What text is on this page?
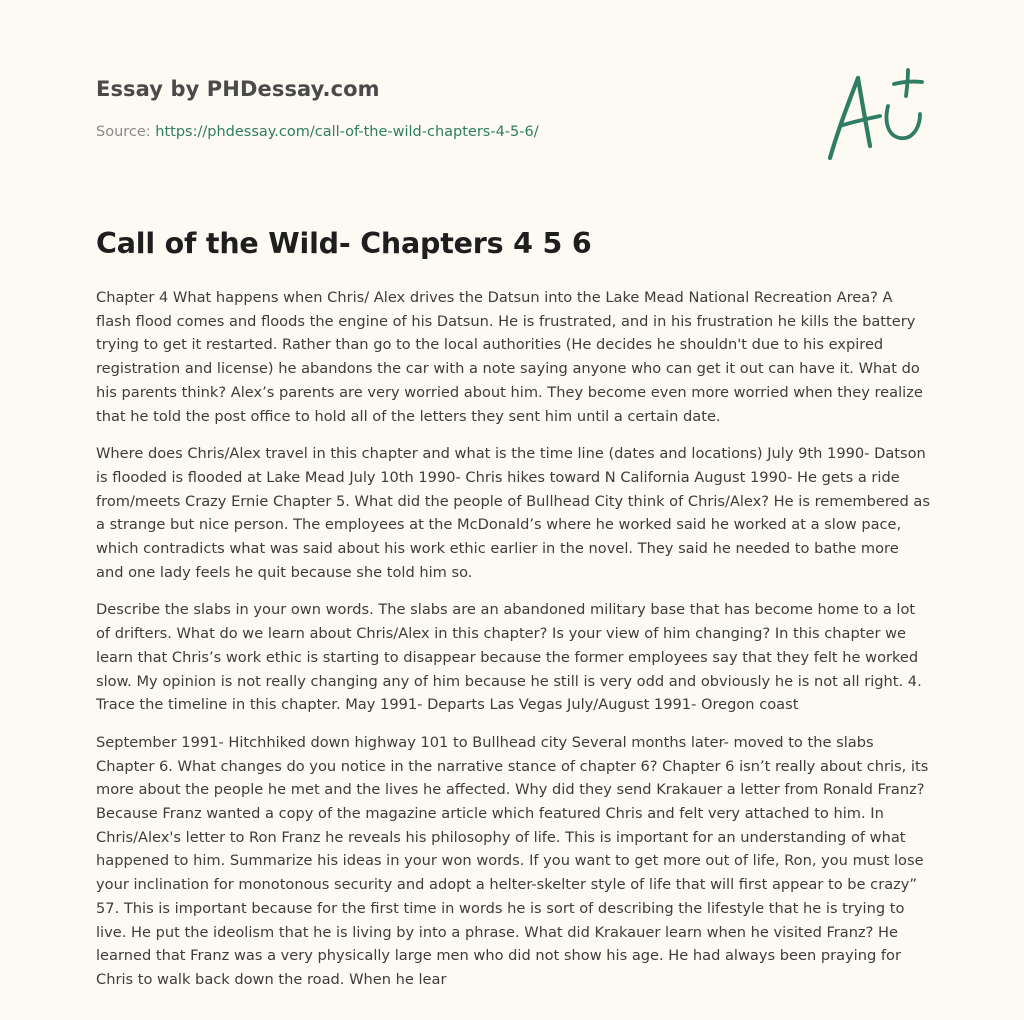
Essay by PHDessay.com
Source: https://phdessay.com/call-of-the-wild-chapters-4-5-6/
Call of the Wild- Chapters 4 5 6

Chapter 4 What happens when Chris/ Alex drives the Datsun into the Lake Mead National Recreation Area? A flash flood comes and floods the engine of his Datsun. He is frustrated, and in his frustration he kills the battery trying to get it restarted. Rather than go to the local authorities (He decides he shouldn't due to his expired registration and license) he abandons the car with a note saying anyone who can get it out can have it. What do his parents think? Alex’s parents are very worried about him. They become even more worried when they realize that he told the post office to hold all of the letters they sent him until a certain date.

Where does Chris/Alex travel in this chapter and what is the time line (dates and locations) July 9th 1990- Datson is flooded is flooded at Lake Mead July 10th 1990- Chris hikes toward N California August 1990- He gets a ride from/meets Crazy Ernie Chapter 5. What did the people of Bullhead City think of Chris/Alex? He is remembered as a strange but nice person. The employees at the McDonald’s where he worked said he worked at a slow pace, which contradicts what was said about his work ethic earlier in the novel. They said he needed to bathe more and one lady feels he quit because she told him so.

Describe the slabs in your own words. The slabs are an abandoned military base that has become home to a lot of drifters. What do we learn about Chris/Alex in this chapter? Is your view of him changing? In this chapter we learn that Chris’s work ethic is starting to disappear because the former employees say that they felt he worked slow. My opinion is not really changing any of him because he still is very odd and obviously he is not all right. 4. Trace the timeline in this chapter. May 1991- Departs Las Vegas July/August 1991- Oregon coast

September 1991- Hitchhiked down highway 101 to Bullhead city Several months later- moved to the slabs Chapter 6. What changes do you notice in the narrative stance of chapter 6? Chapter 6 isn’t really about chris, its more about the people he met and the lives he affected. Why did they send Krakauer a letter from Ronald Franz? Because Franz wanted a copy of the magazine article which featured Chris and felt very attached to him. In Chris/Alex's letter to Ron Franz he reveals his philosophy of life. This is important for an understanding of what happened to him. Summarize his ideas in your won words. If you want to get more out of life, Ron, you must lose your inclination for monotonous security and adopt a helter-skelter style of life that will first appear to be crazy” 57. This is important because for the first time in words he is sort of describing the lifestyle that he is trying to live. He put the ideolism that he is living by into a phrase. What did Krakauer learn when he visited Franz? He learned that Franz was a very physically large men who did not show his age. He had always been praying for Chris to walk back down the road. When he lear
